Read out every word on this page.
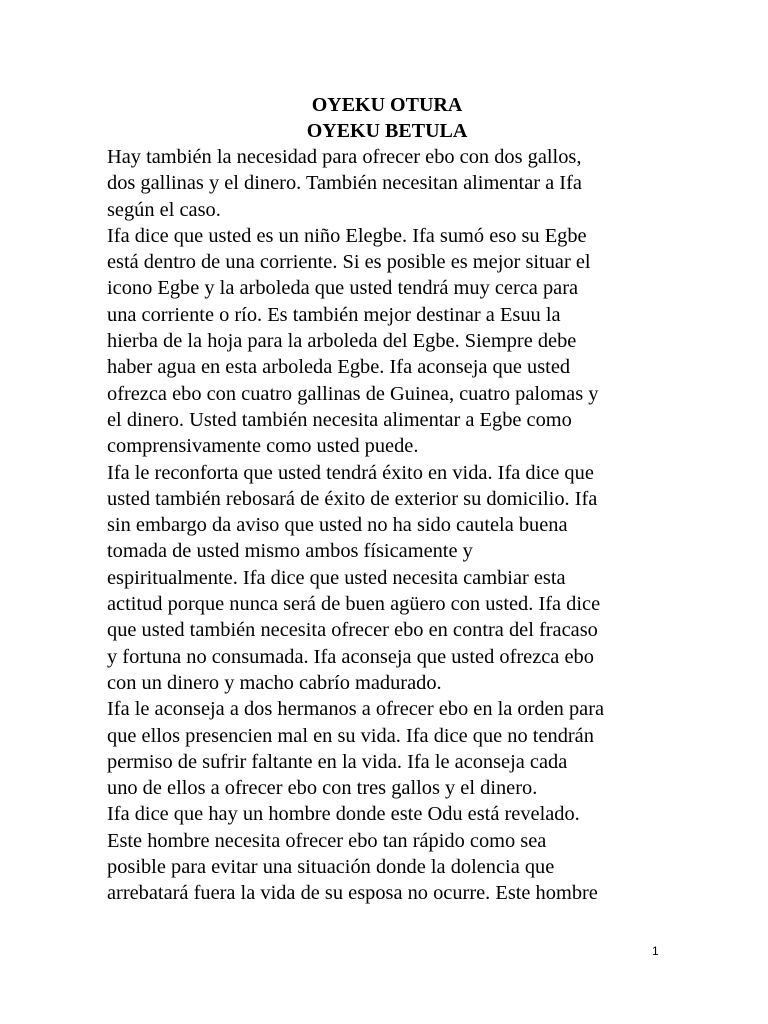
OYEKU OTURA
OYEKU BETULA

Hay también la necesidad para ofrecer ebo con dos gallos,
dos gallinas y el dinero. También necesitan alimentar a Ifa
según el caso.

Ifa dice que usted es un niño Elegbe. Ifa sumó eso su Egbe
está dentro de una corriente. Si es posible es mejor situar el
icono Egbe y la arboleda que usted tendrá muy cerca para
una corriente o río. Es también mejor destinar a Esuu la
hierba de la hoja para la arboleda del Egbe. Siempre debe
haber agua en esta arboleda Egbe. Ifa aconseja que usted
ofrezca ebo con cuatro gallinas de Guinea, cuatro palomas y
el dinero. Usted también necesita alimentar a Egbe como
comprensivamente como usted puede.

Ifa le reconforta que usted tendrá éxito en vida. Ifa dice que
usted también rebosará de éxito de exterior su domicilio. Ifa
sin embargo da aviso que usted no ha sido cautela buena
tomada de usted mismo ambos físicamente y
espiritualmente. Ifa dice que usted necesita cambiar esta
actitud porque nunca será de buen agüero con usted. Ifa dice
que usted también necesita ofrecer ebo en contra del fracaso
y fortuna no consumada. Ifa aconseja que usted ofrezca ebo
con un dinero y macho cabrío madurado.

Ifa le aconseja a dos hermanos a ofrecer ebo en la orden para
que ellos presencien mal en su vida. Ifa dice que no tendrán
permiso de sufrir faltante en la vida. Ifa le aconseja cada
uno de ellos a ofrecer ebo con tres gallos y el dinero.

Ifa dice que hay un hombre donde este Odu está revelado.
Este hombre necesita ofrecer ebo tan rápido como sea
posible para evitar una situación donde la dolencia que
arrebatará fuera la vida de su esposa no ocurre. Este hombre

1
